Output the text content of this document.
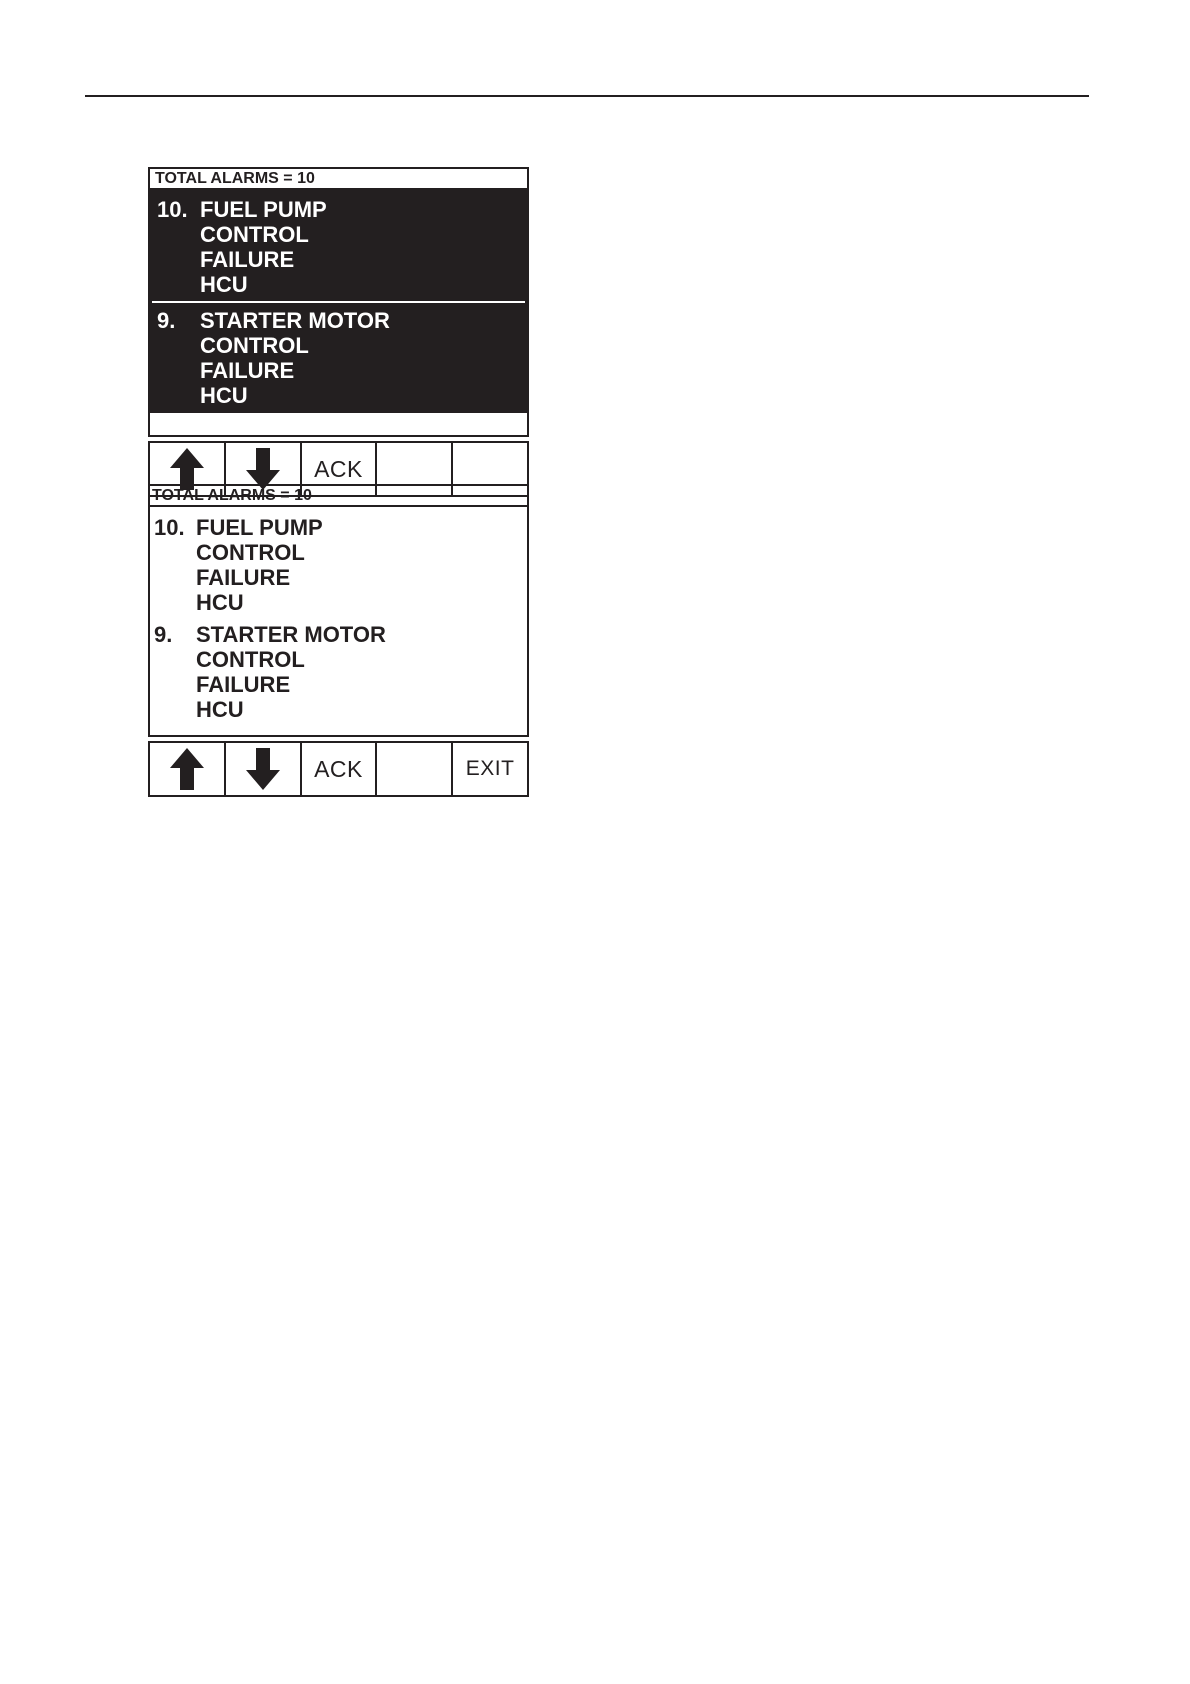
TOTAL ALARMS = 10
10. FUEL PUMP
CONTROL
FAILURE
HCU
9. STARTER MOTOR
CONTROL
FAILURE
HCU
ACK
TOTAL ALARMS = 10
10. FUEL PUMP
CONTROL
FAILURE
HCU
9. STARTER MOTOR
CONTROL
FAILURE
HCU
ACK	EXIT
